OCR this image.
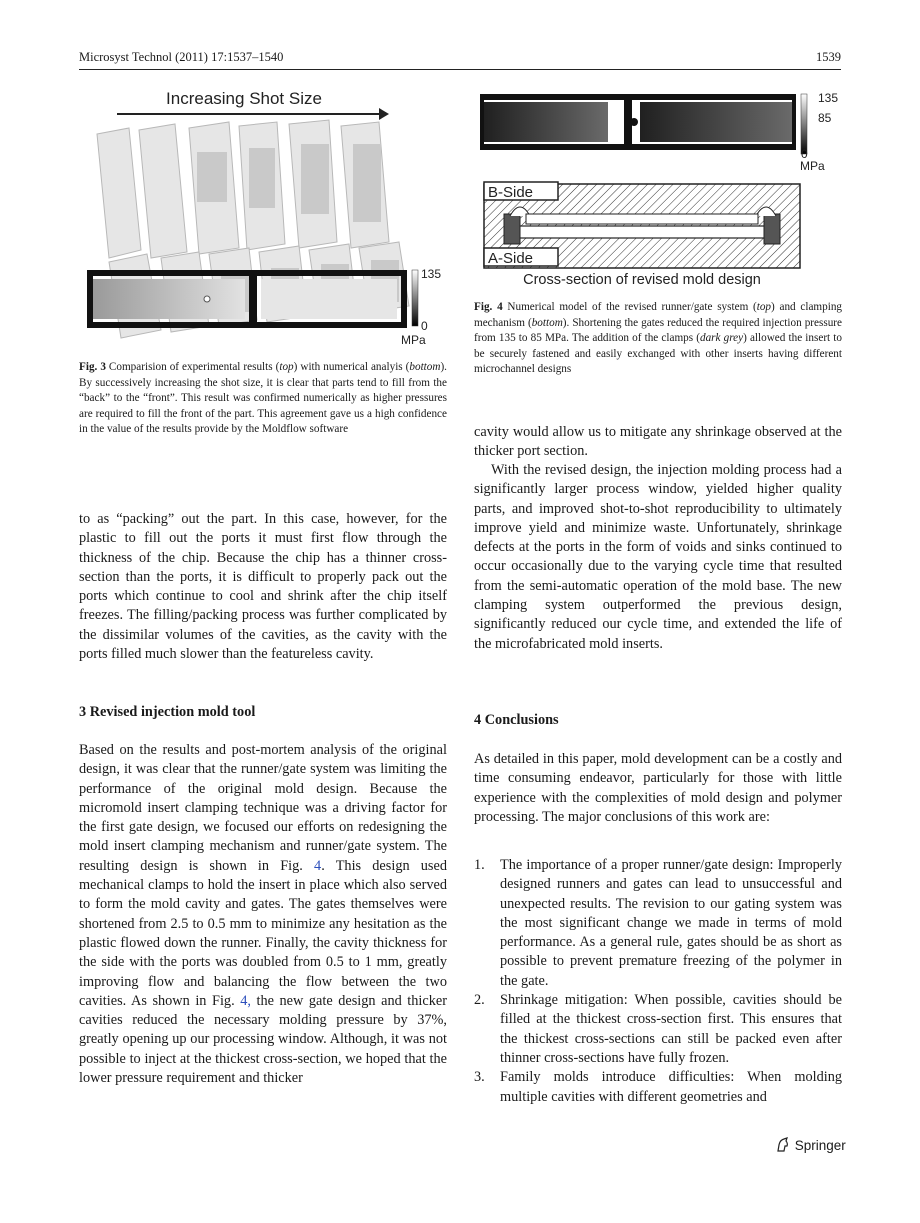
Microsyst Technol (2011) 17:1537–1540	1539
Increasing Shot Size
135
0
MPa
Fig. 3 Comparision of experimental results (top) with numerical analyis (bottom). By successively increasing the shot size, it is clear that parts tend to fill from the “back” to the “front”. This result was confirmed numerically as higher pressures are required to fill the front of the part. This agreement gave us a high confidence in the value of the results provide by the Moldflow software
135
85
0
MPa
B-Side
A-Side
Cross-section of revised mold design
Fig. 4 Numerical model of the revised runner/gate system (top) and clamping mechanism (bottom). Shortening the gates reduced the required injection pressure from 135 to 85 MPa. The addition of the clamps (dark grey) allowed the insert to be securely fastened and easily exchanged with other inserts having different microchannel designs

to as “packing” out the part. In this case, however, for the plastic to fill out the ports it must first flow through the thickness of the chip. Because the chip has a thinner cross-section than the ports, it is difficult to properly pack out the ports which continue to cool and shrink after the chip itself freezes. The filling/packing process was further complicated by the dissimilar volumes of the cavities, as the cavity with the ports filled much slower than the featureless cavity.

3 Revised injection mold tool

Based on the results and post-mortem analysis of the original design, it was clear that the runner/gate system was limiting the performance of the original mold design. Because the micromold insert clamping technique was a driving factor for the first gate design, we focused our efforts on redesigning the mold insert clamping mechanism and runner/gate system. The resulting design is shown in Fig. 4. This design used mechanical clamps to hold the insert in place which also served to form the mold cavity and gates. The gates themselves were shortened from 2.5 to 0.5 mm to minimize any hesitation as the plastic flowed down the runner. Finally, the cavity thickness for the side with the ports was doubled from 0.5 to 1 mm, greatly improving flow and balancing the flow between the two cavities. As shown in Fig. 4, the new gate design and thicker cavities reduced the necessary molding pressure by 37%, greatly opening up our processing window. Although, it was not possible to inject at the thickest cross-section, we hoped that the lower pressure requirement and thicker

cavity would allow us to mitigate any shrinkage observed at the thicker port section.

With the revised design, the injection molding process had a significantly larger process window, yielded higher quality parts, and improved shot-to-shot reproducibility to ultimately improve yield and minimize waste. Unfortunately, shrinkage defects at the ports in the form of voids and sinks continued to occur occasionally due to the varying cycle time that resulted from the semi-automatic operation of the mold base. The new clamping system outperformed the previous design, significantly reduced our cycle time, and extended the life of the microfabricated mold inserts.

4 Conclusions

As detailed in this paper, mold development can be a costly and time consuming endeavor, particularly for those with little experience with the complexities of mold design and polymer processing. The major conclusions of this work are:

1. The importance of a proper runner/gate design: Improperly designed runners and gates can lead to unsuccessful and unexpected results. The revision to our gating system was the most significant change we made in terms of mold performance. As a general rule, gates should be as short as possible to prevent premature freezing of the polymer in the gate.
2. Shrinkage mitigation: When possible, cavities should be filled at the thickest cross-section first. This ensures that the thickest cross-sections can still be packed even after thinner cross-sections have fully frozen.
3. Family molds introduce difficulties: When molding multiple cavities with different geometries and
Springer
